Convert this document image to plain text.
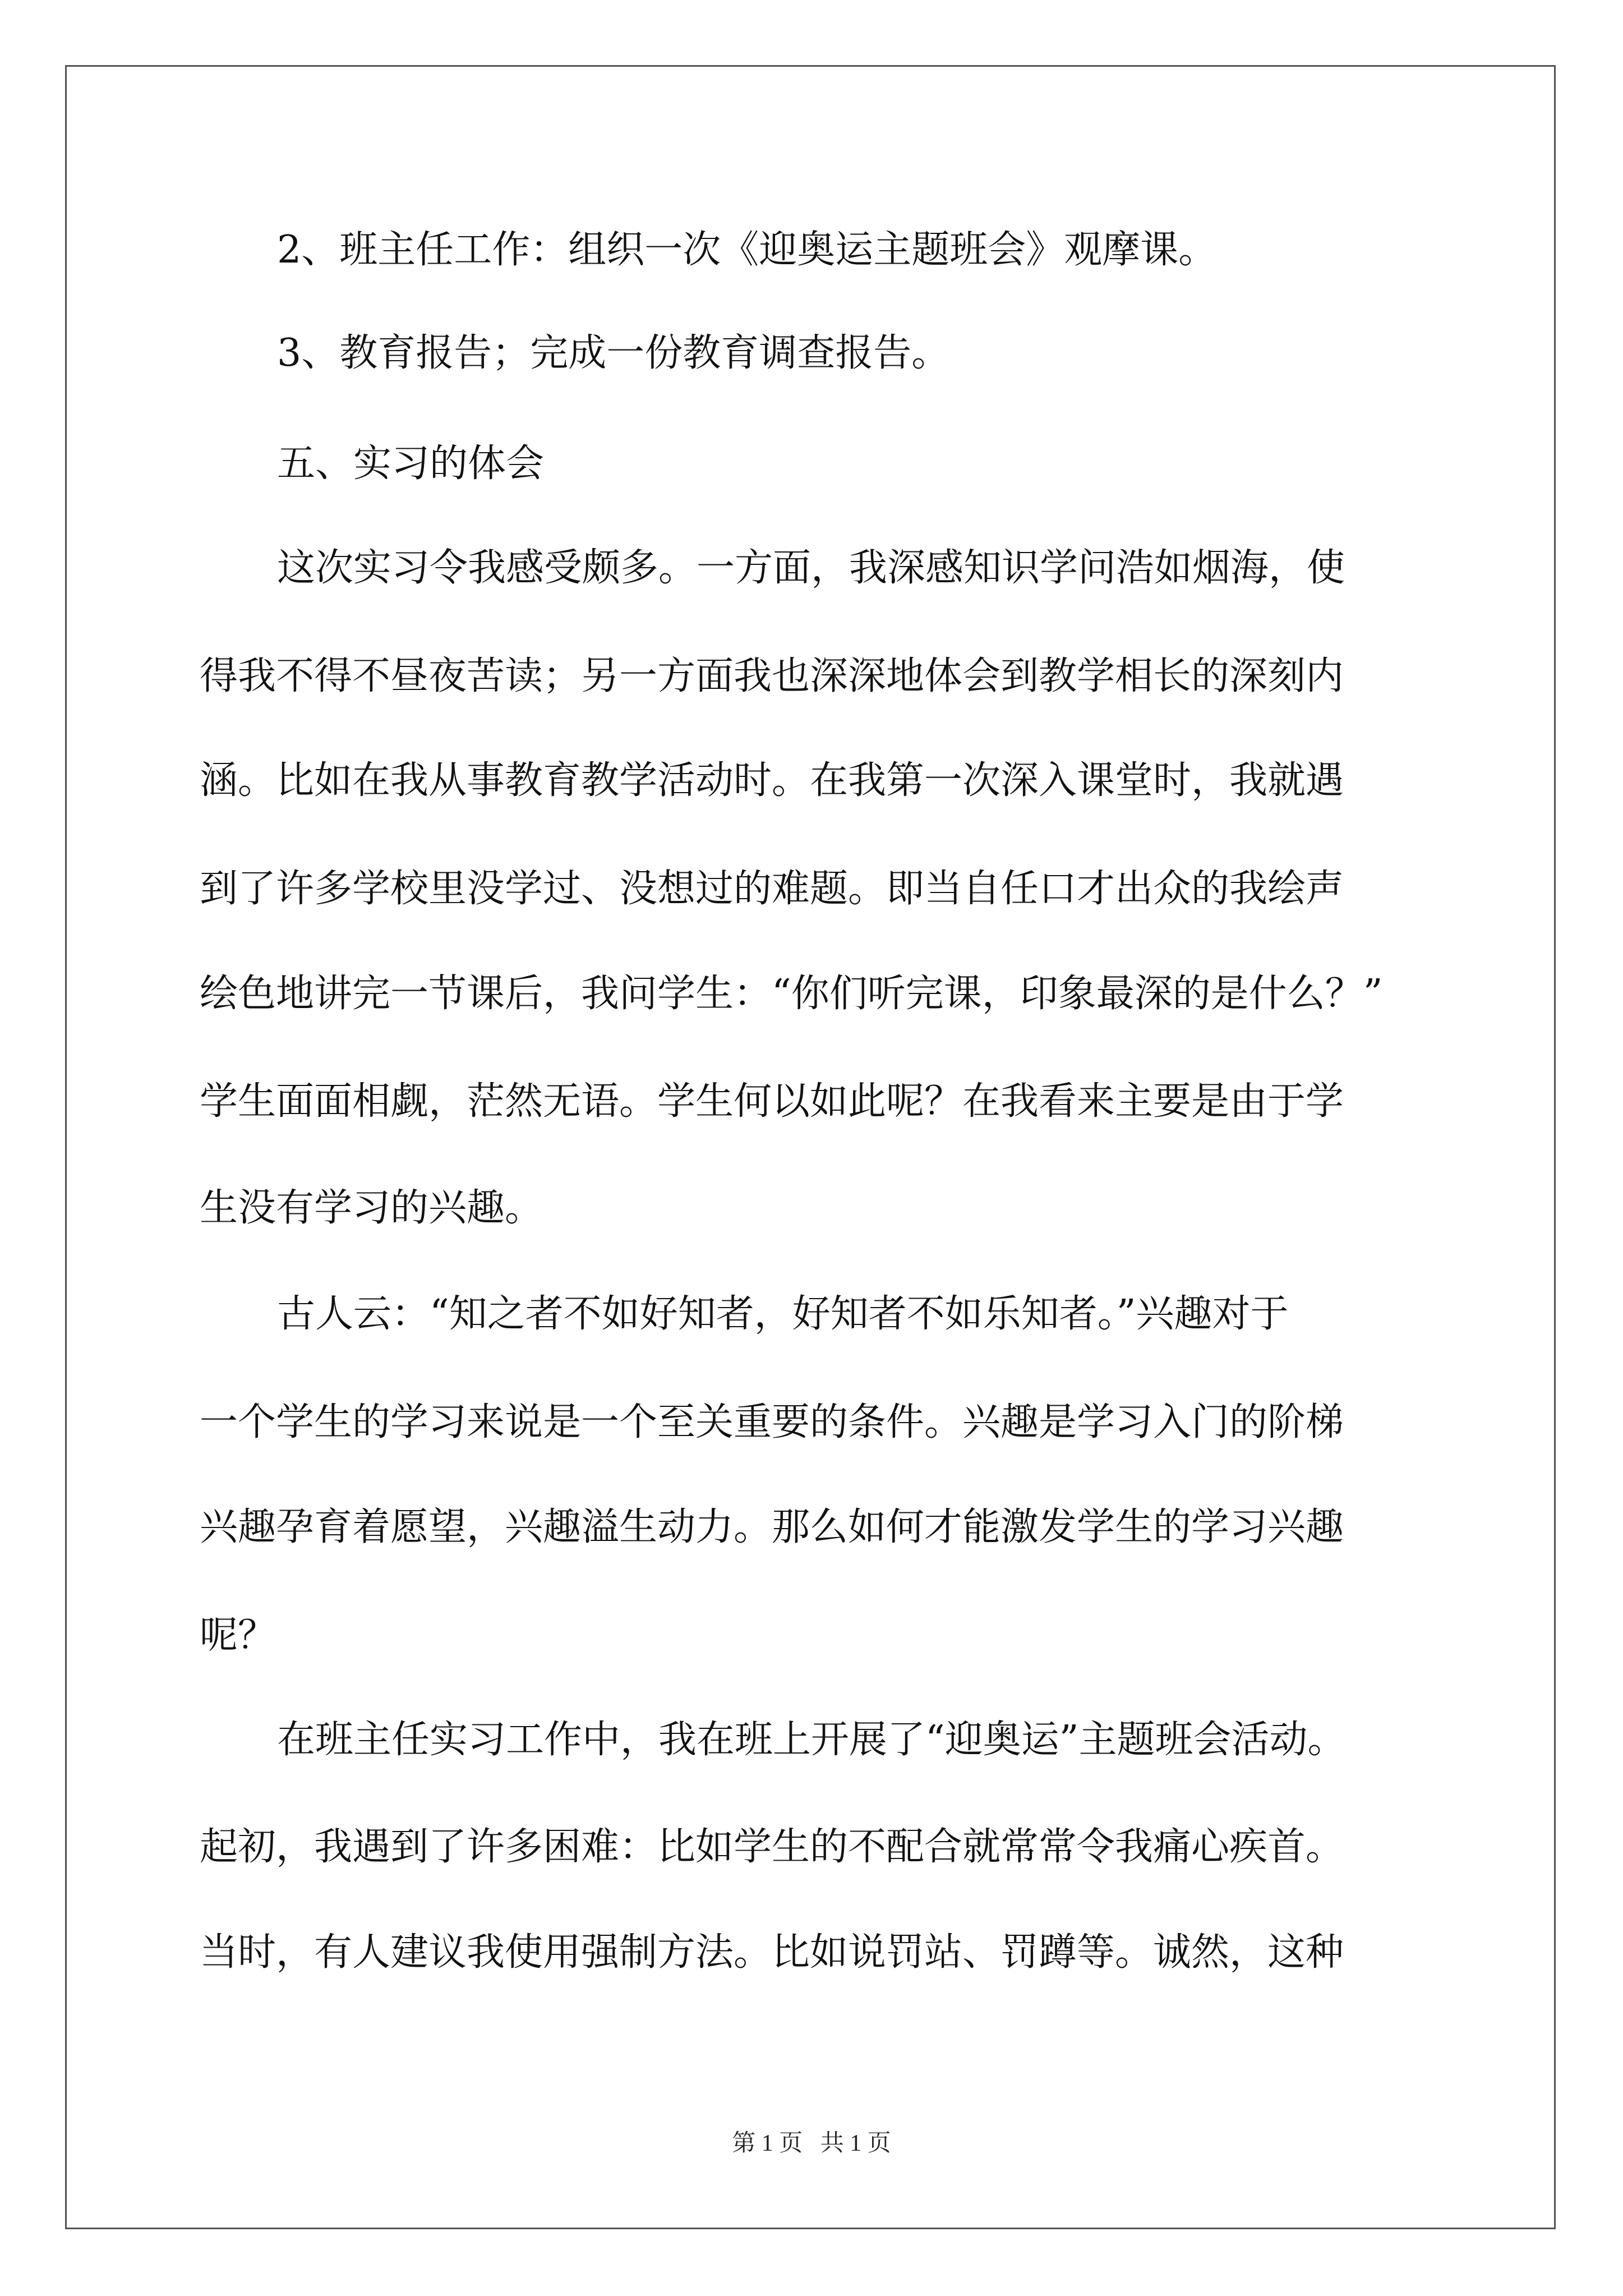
2、班主任工作：组织一次《迎奥运主题班会》观摩课。

3、教育报告；完成一份教育调查报告。

五、实习的体会

这次实习令我感受颇多。一方面，我深感知识学问浩如烟海，使

得我不得不昼夜苦读；另一方面我也深深地体会到教学相长的深刻内

涵。比如在我从事教育教学活动时。在我第一次深入课堂时，我就遇

到了许多学校里没学过、没想过的难题。即当自任口才出众的我绘声

绘色地讲完一节课后，我问学生：“你们听完课，印象最深的是什么？”

学生面面相觑，茫然无语。学生何以如此呢？在我看来主要是由于学

生没有学习的兴趣。

古人云：“知之者不如好知者，好知者不如乐知者。”兴趣对于

一个学生的学习来说是一个至关重要的条件。兴趣是学习入门的阶梯

兴趣孕育着愿望，兴趣溢生动力。那么如何才能激发学生的学习兴趣

呢？

在班主任实习工作中，我在班上开展了“迎奥运”主题班会活动。

起初，我遇到了许多困难：比如学生的不配合就常常令我痛心疾首。

当时，有人建议我使用强制方法。比如说罚站、罚蹲等。诚然，这种

第 1 页   共 1 页
